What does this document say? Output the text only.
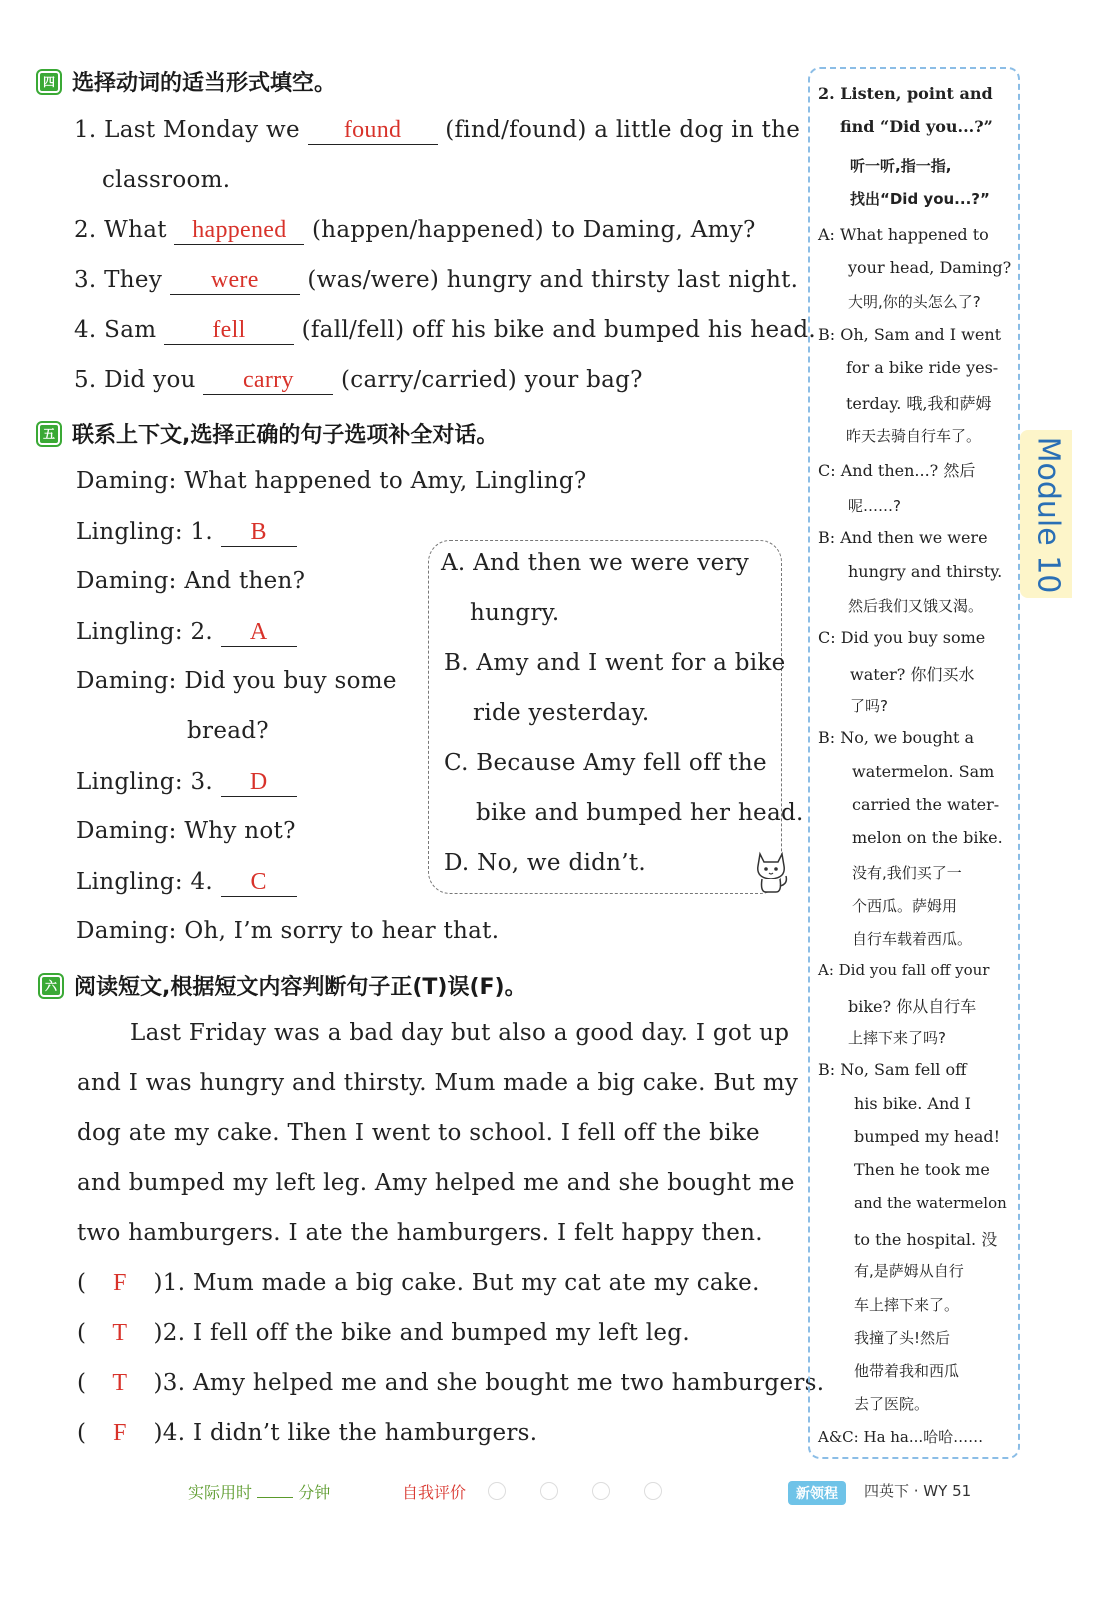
四 选择动词的适当形式填空。
1. Last Monday we found (find/found) a little dog in the
classroom.
2. What happened (happen/happened) to Daming, Amy?
3. They were (was/were) hungry and thirsty last night.
4. Sam fell (fall/fell) off his bike and bumped his head.
5. Did you carry (carry/carried) your bag?
五 联系上下文,选择正确的句子选项补全对话。
Daming: What happened to Amy, Lingling?
Lingling: 1. B
Daming: And then?
Lingling: 2. A
Daming: Did you buy some
bread?
Lingling: 3. D
Daming: Why not?
Lingling: 4. C
Daming: Oh, I’m sorry to hear that.
A. And then we were very
hungry.
B. Amy and I went for a bike
ride yesterday.
C. Because Amy fell off the
bike and bumped her head.
D. No, we didn’t.
六 阅读短文,根据短文内容判断句子正(T)误(F)。
Last Friday was a bad day but also a good day. I got up
and I was hungry and thirsty. Mum made a big cake. But my
dog ate my cake. Then I went to school. I fell off the bike
and bumped my left leg. Amy helped me and she bought me
two hamburgers. I ate the hamburgers. I felt happy then.
( F )1. Mum made a big cake. But my cat ate my cake.
( T )2. I fell off the bike and bumped my left leg.
( T )3. Amy helped me and she bought me two hamburgers.
( F )4. I didn’t like the hamburgers.
2. Listen, point and
find “Did you...?”
听一听,指一指,
找出“Did you...?”
A: What happened to
your head, Daming?
大明,你的头怎么了?
B: Oh, Sam and I went
for a bike ride yes-
terday. 哦,我和萨姆
昨天去骑自行车了。
C: And then...? 然后
呢……?
B: And then we were
hungry and thirsty.
然后我们又饿又渴。
C: Did you buy some
water? 你们买水
了吗?
B: No, we bought a
watermelon. Sam
carried the water-
melon on the bike.
没有,我们买了一
个西瓜。萨姆用
自行车载着西瓜。
A: Did you fall off your
bike? 你从自行车
上摔下来了吗?
B: No, Sam fell off
his bike. And I
bumped my head!
Then he took me
and the watermelon
to the hospital. 没
有,是萨姆从自行
车上摔下来了。
我撞了头!然后
他带着我和西瓜
去了医院。
A&C: Ha ha...哈哈……
Module 10
实际用时	分钟	自我评价	新领程	四英下 · WY 51
